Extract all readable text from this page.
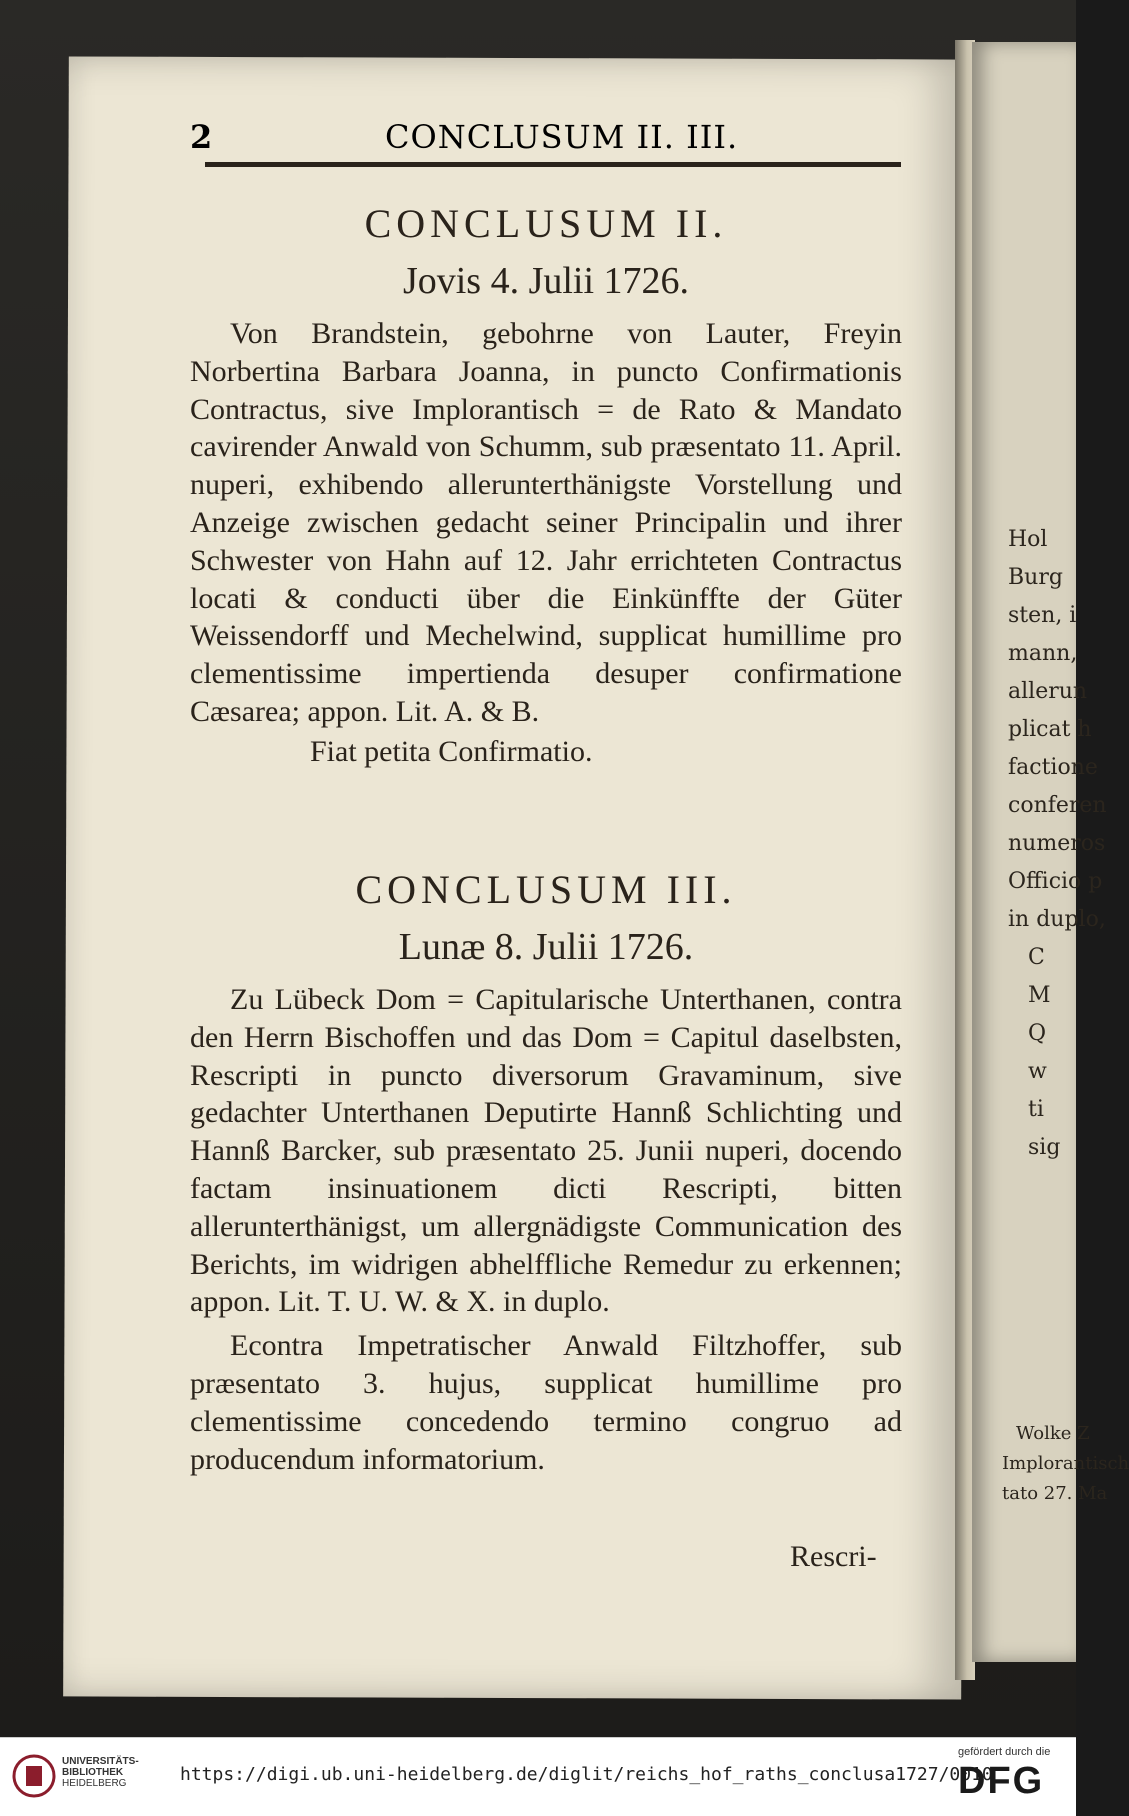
Hol
Burg
sten, i
mann,
allerun
plicat h
factione
conferen
numeros
Officio p
in duplo,
C
M
Q
w
ti
sig
Wolke Z
Implorantisch
tato 27. Ma
2	CONCLUSUM II. III.
CONCLUSUM II.
Jovis 4. Julii 1726.
Von Brandstein, gebohrne von Lauter, Freyin Norbertina Barbara Joanna, in puncto Confirmationis Contractus, sive Implorantisch = de Rato & Mandato cavirender Anwald von Schumm, sub præsentato 11. April. nuperi, exhibendo allerunterthänigste Vorstellung und Anzeige zwischen gedacht seiner Principalin und ihrer Schwester von Hahn auf 12. Jahr errichteten Contractus locati & conducti über die Einkünffte der Güter Weissendorff und Mechelwind, supplicat humillime pro clementissime impertienda desuper confirmatione Cæsarea; appon. Lit. A. & B.
Fiat petita Confirmatio.
CONCLUSUM III.
Lunæ 8. Julii 1726.
Zu Lübeck Dom = Capitularische Unterthanen, contra den Herrn Bischoffen und das Dom = Capitul daselbsten, Rescripti in puncto diversorum Gravaminum, sive gedachter Unterthanen Deputirte Hannß Schlichting und Hannß Barcker, sub præsentato 25. Junii nuperi, docendo factam insinuationem dicti Rescripti, bitten allerunterthänigst, um allergnädigste Communication des Berichts, im widrigen abhelffliche Remedur zu erkennen; appon. Lit. T. U. W. & X. in duplo.
Econtra Impetratischer Anwald Filtzhoffer, sub præsentato 3. hujus, supplicat humillime pro clementissime concedendo termino congruo ad producendum informatorium.
Rescri-
UNIVERSITÄTS-
BIBLIOTHEK
HEIDELBERG	https://digi.ub.uni-heidelberg.de/diglit/reichs_hof_raths_conclusa1727/0010
gefördert durch die
DFG
